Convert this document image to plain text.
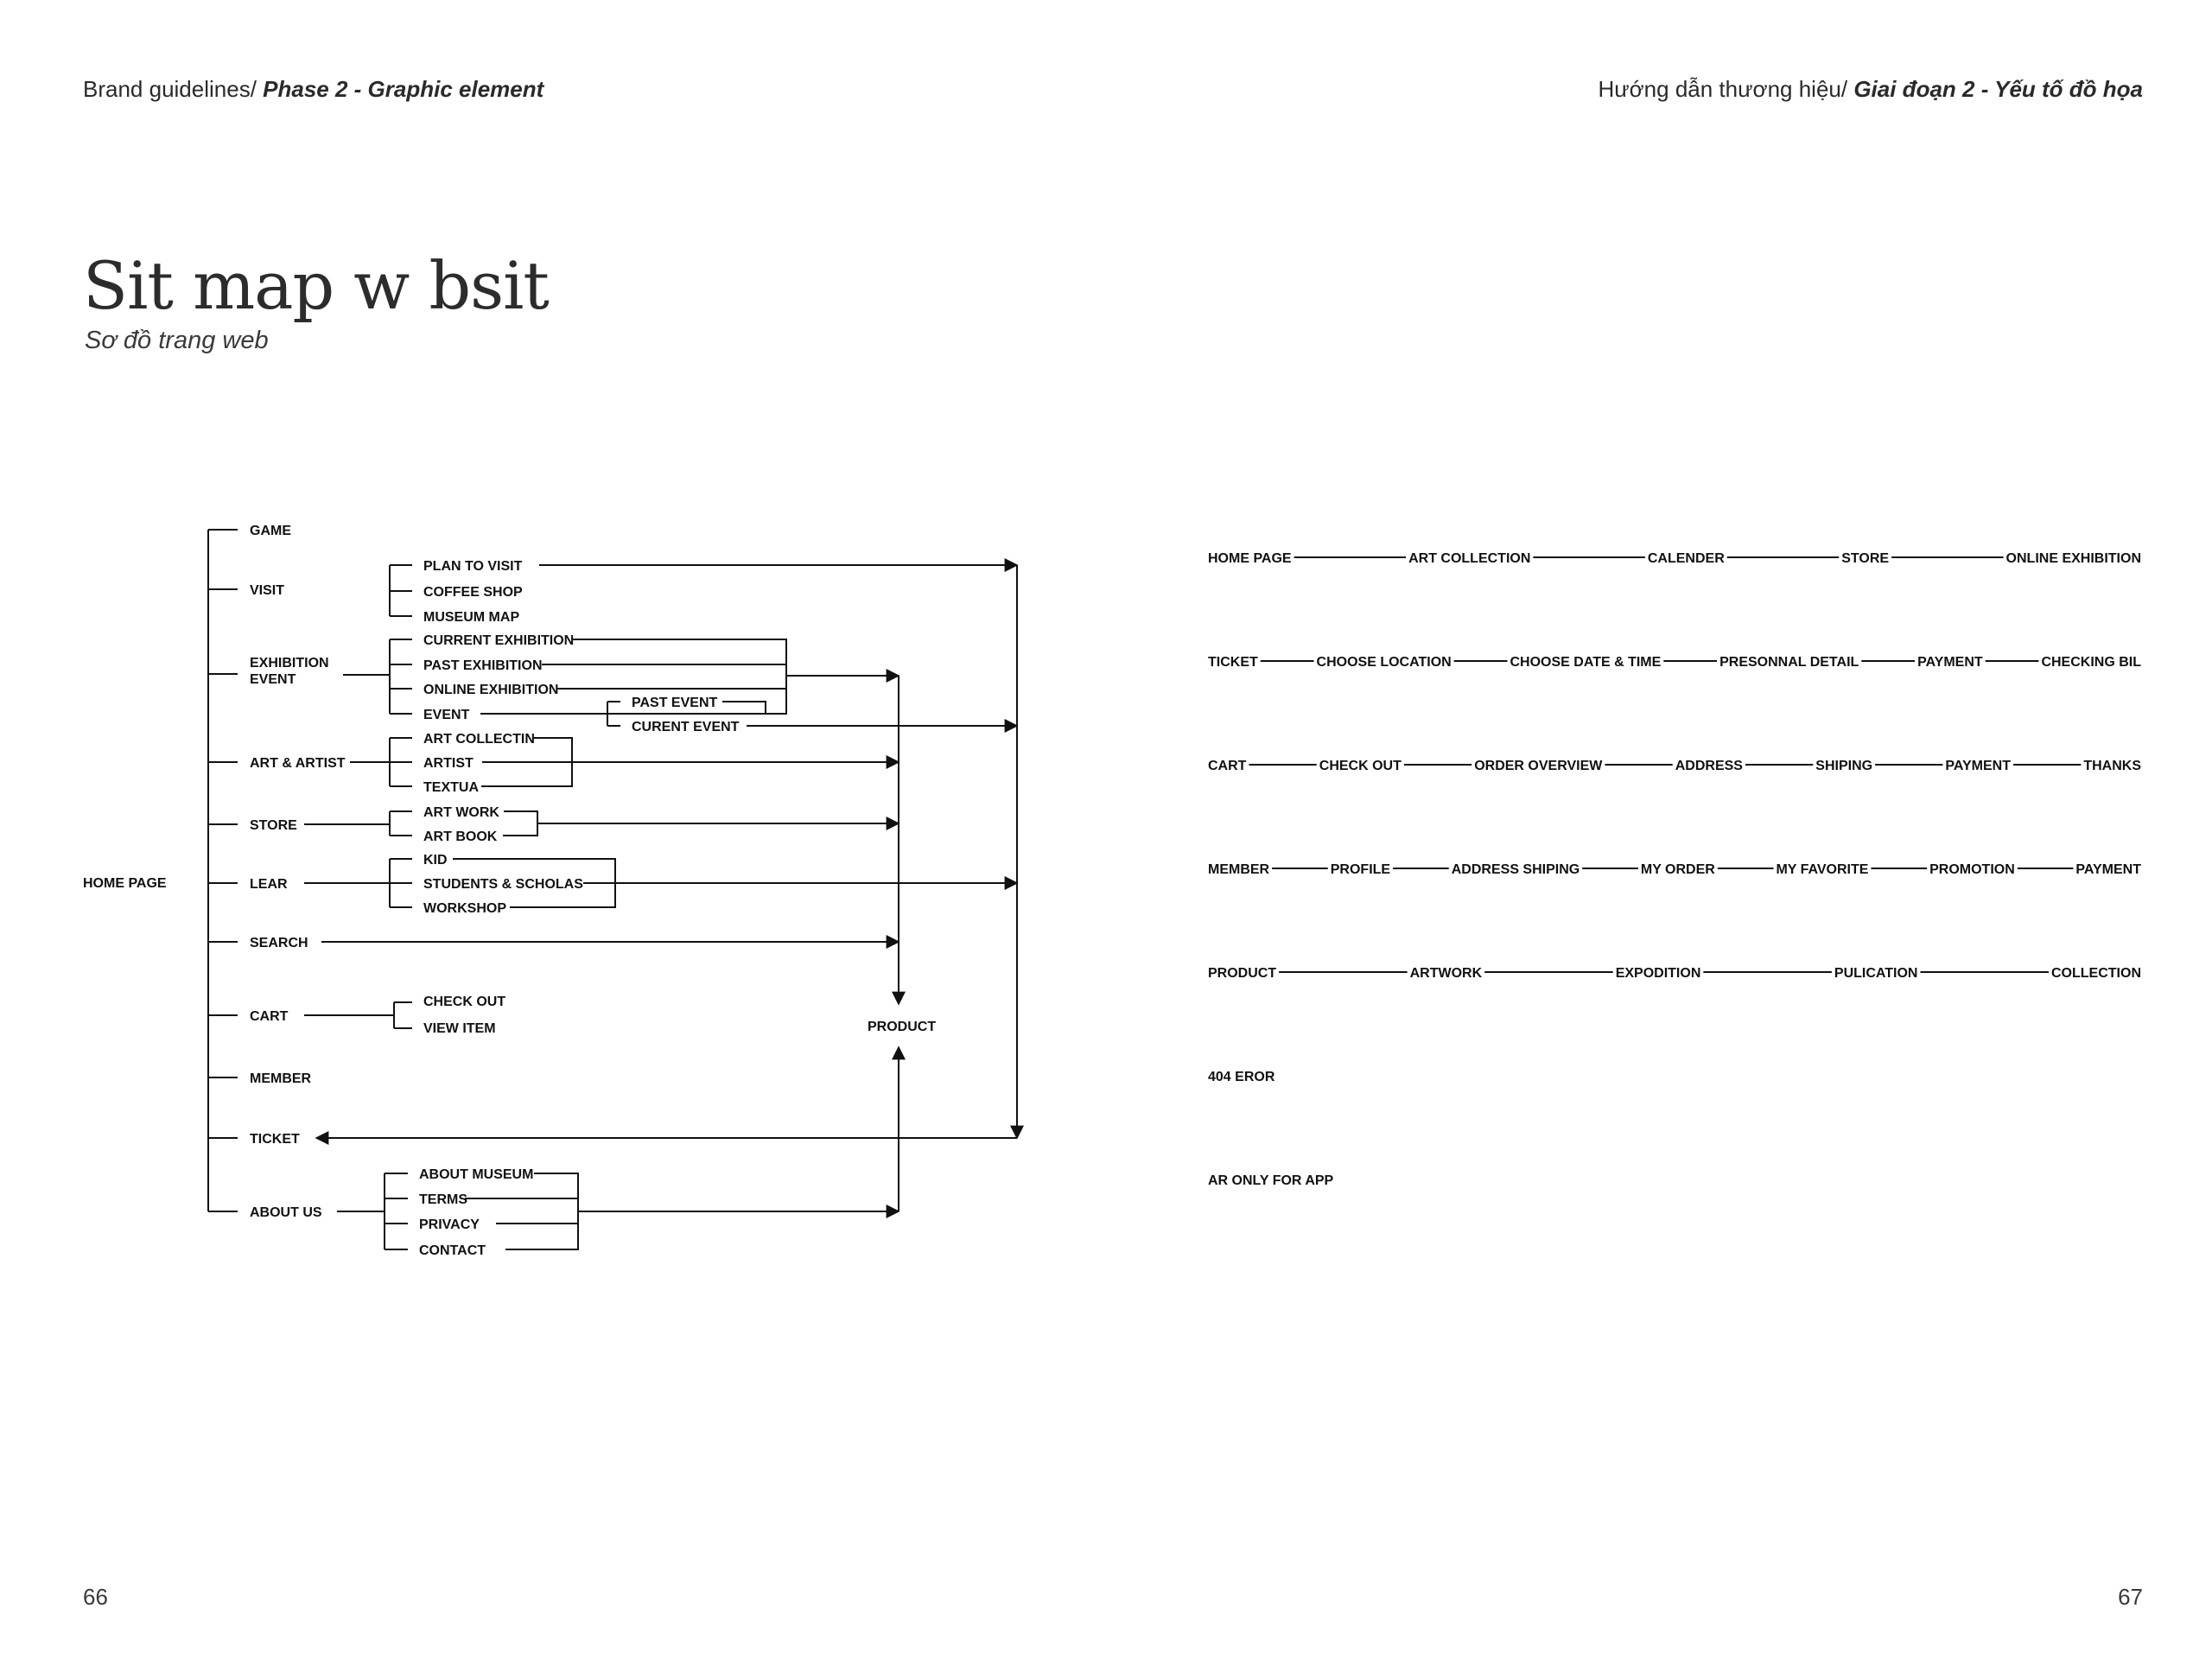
Brand guidelines/ Phase 2 - Graphic element	Hướng dẫn thương hiệu/ Giai đoạn 2 - Yếu tố đồ họa
Sit map w bsit
Sơ đồ trang web
HOME PAGE
GAME
VISIT
EXHIBITION
EVENT
ART & ARTIST
STORE
LEAR
SEARCH
CART
MEMBER
TICKET
ABOUT US
PLAN TO VISIT
COFFEE SHOP
MUSEUM MAP
CURRENT EXHIBITION
PAST EXHIBITION
ONLINE EXHIBITION
EVENT
PAST EVENT
CURENT EVENT
ART COLLECTIN
ARTIST
TEXTUA
ART WORK
ART BOOK
KID
STUDENTS & SCHOLAS
WORKSHOP
CHECK OUT
VIEW ITEM
ABOUT MUSEUM
TERMS
PRIVACY
CONTACT
PRODUCT
HOME PAGE	ART COLLECTION	CALENDER	STORE	ONLINE EXHIBITION
TICKET	CHOOSE LOCATION	CHOOSE DATE & TIME	PRESONNAL DETAIL	PAYMENT	CHECKING BIL
CART	CHECK OUT	ORDER OVERVIEW	ADDRESS	SHIPING	PAYMENT	THANKS
MEMBER	PROFILE	ADDRESS SHIPING	MY ORDER	MY FAVORITE	PROMOTION	PAYMENT
PRODUCT	ARTWORK	EXPODITION	PULICATION	COLLECTION
404 EROR
AR ONLY FOR APP
66	67
